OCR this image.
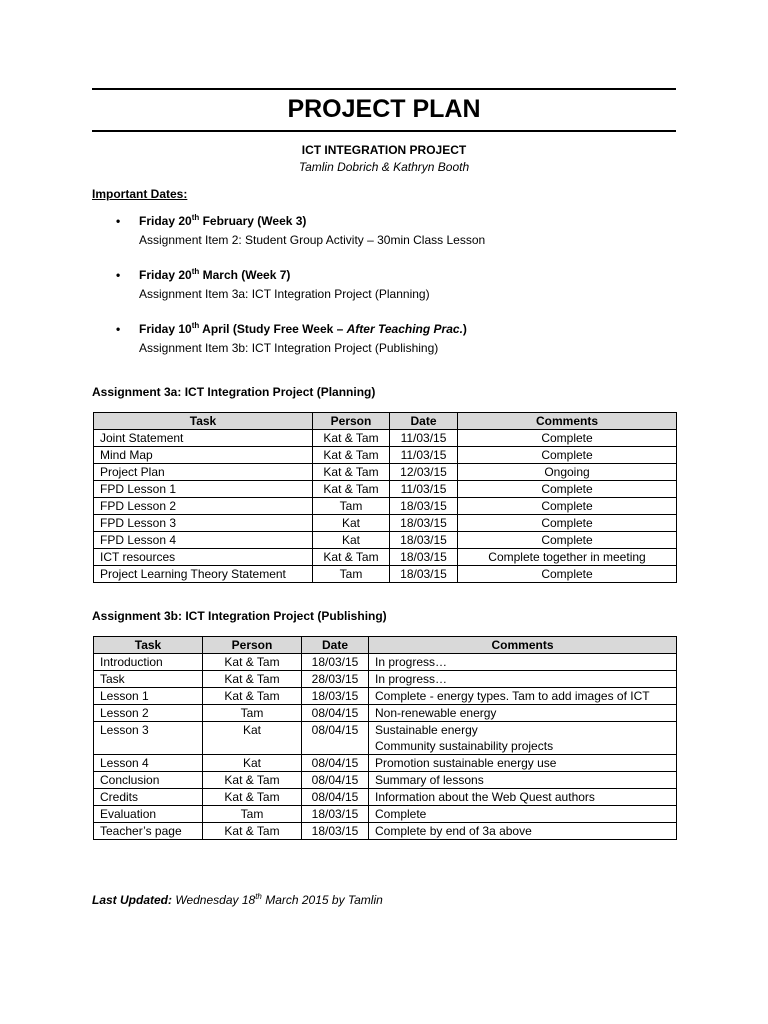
PROJECT PLAN
ICT INTEGRATION PROJECT
Tamlin Dobrich & Kathryn Booth
Important Dates:
• Friday 20th February (Week 3)
Assignment Item 2: Student Group Activity – 30min Class Lesson
• Friday 20th March (Week 7)
Assignment Item 3a: ICT Integration Project (Planning)
• Friday 10th April (Study Free Week – After Teaching Prac.)
Assignment Item 3b: ICT Integration Project (Publishing)
Assignment 3a: ICT Integration Project (Planning)
Task	Person	Date	Comments
Joint Statement	Kat & Tam	11/03/15	Complete
Mind Map	Kat & Tam	11/03/15	Complete
Project Plan	Kat & Tam	12/03/15	Ongoing
FPD Lesson 1	Kat & Tam	11/03/15	Complete
FPD Lesson 2	Tam	18/03/15	Complete
FPD Lesson 3	Kat	18/03/15	Complete
FPD Lesson 4	Kat	18/03/15	Complete
ICT resources	Kat & Tam	18/03/15	Complete together in meeting
Project Learning Theory Statement	Tam	18/03/15	Complete
Assignment 3b: ICT Integration Project (Publishing)
Task	Person	Date	Comments
Introduction	Kat & Tam	18/03/15	In progress…
Task	Kat & Tam	28/03/15	In progress…
Lesson 1	Kat & Tam	18/03/15	Complete - energy types. Tam to add images of ICT
Lesson 2	Tam	08/04/15	Non-renewable energy
Lesson 3	Kat	08/04/15	Sustainable energy
Community sustainability projects

Lesson 4	Kat	08/04/15	Promotion sustainable energy use
Conclusion	Kat & Tam	08/04/15	Summary of lessons
Credits	Kat & Tam	08/04/15	Information about the Web Quest authors
Evaluation	Tam	18/03/15	Complete
Teacher’s page	Kat & Tam	18/03/15	Complete by end of 3a above
Last Updated: Wednesday 18th March 2015 by Tamlin
